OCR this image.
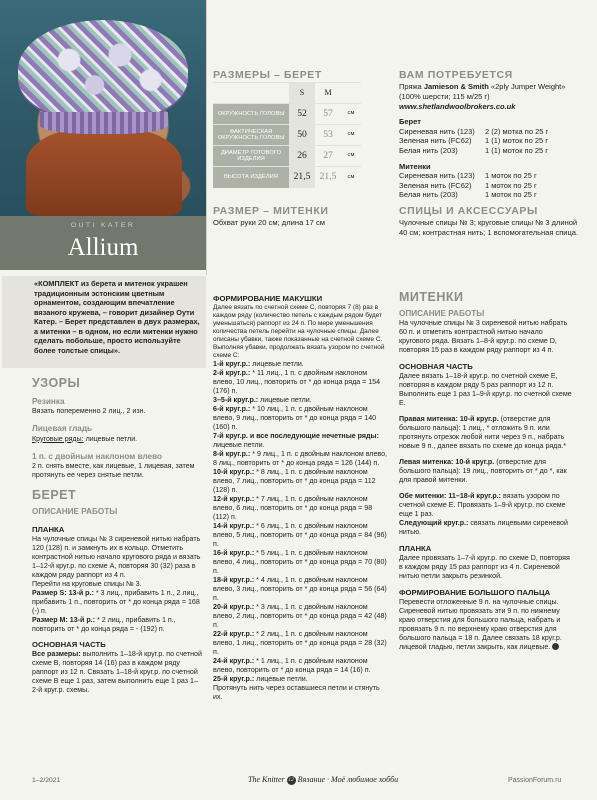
OUTI KATER
Allium
«КОМПЛЕКТ из берета и митенок украшен традиционным эстонским цветным орнаментом, создающим впечатление вязаного кружева, – говорит дизайнер Оути Катер. – Берет представлен в двух размерах, а митенки – в одном, но если митенки нужно сделать побольше, просто используйте более толстые спицы».
РАЗМЕРЫ – БЕРЕТ
	S	M	
ОКРУЖНОСТЬ ГОЛОВЫ	52	57	см
ФАКТИЧЕСКАЯ ОКРУЖНОСТЬ ГОЛОВЫ	50	53	см
ДИАМЕТР ГОТОВОГО ИЗДЕЛИЯ	26	27	см
ВЫСОТА ИЗДЕЛИЯ	21,5	21,5	см
РАЗМЕР – МИТЕНКИ
Обхват руки 20 см; длина 17 см
ВАМ ПОТРЕБУЕТСЯ

Пряжа Jamieson & Smith «2ply Jumper Weight» (100% шерсти; 115 м/25 г)

www.shetlandwoolbrokers.co.uk

Берет

Сиреневая нить (123)	2 (2) мотка по 25 г
Зеленая нить (FC62)	1 (1) моток по 25 г
Белая нить (203)	1 (1) моток по 25 г

Митенки

Сиреневая нить (123)	1 моток по 25 г
Зеленая нить (FC62)	1 моток по 25 г
Белая нить (203)	1 моток по 25 г
СПИЦЫ И АКСЕССУАРЫ

Чулочные спицы № 3; круговые спицы № 3 длиной 40 см; контрастная нить; 1 вспомогательная спица.

УЗОРЫ
Резинка

Вязать попеременно 2 лиц., 2 изн.

Лицевая гладь

Круговые ряды: лицевые петли.

1 п. с двойным наклоном влево

2 п. снять вместе, как лицевые, 1 лицевая, затем протянуть ее через снятые петли.

БЕРЕТ
ОПИСАНИЕ РАБОТЫ
ПЛАНКА

На чулочные спицы № 3 сиреневой нитью набрать 120 (128) п. и замкнуть их в кольцо. Отметить контрастной нитью начало кругового ряда и вязать 1–12-й круг.р. по схеме А, повторяя 30 (32) раза в каждом ряду раппорт из 4 п.

Перейти на круговые спицы № 3.

Размер S: 13-й р.: * 3 лиц., прибавить 1 п., 2 лиц., прибавить 1 п., повторить от * до конца ряда = 168 (-) п.

Размер М: 13-й р.: * 2 лиц., прибавить 1 п., повторить от * до конца ряда = - (192) п.

ОСНОВНАЯ ЧАСТЬ

Все размеры: выполнить 1–18-й круг.р. по счетной схеме В, повторяя 14 (16) раз в каждом ряду раппорт из 12 п. Связать 1–18-й круг.р. по счетной схеме В еще 1 раз, затем выполнить еще 1 раз 1–2-й круг.р. схемы.

ФОРМИРОВАНИЕ МАКУШКИ

Далее вязать по счетной схеме С, повторяя 7 (8) раз в каждом ряду (количество петель с каждым рядом будет уменьшаться) раппорт из 24 п. По мере уменьшения количества петель перейти на чулочные спицы. Далее описаны убавки, также показанные на счетной схеме С. Выполняя убавки, продолжать вязать узором по счетной схеме С:

1-й круг.р.: лицевые петли.

2-й круг.р.: * 11 лиц., 1 п. с двойным наклоном влево, 10 лиц., повторить от * до конца ряда = 154 (176) п.

3–5-й круг.р.: лицевые петли.

6-й круг.р.: * 10 лиц., 1 п. с двойным наклоном влево, 9 лиц., повторить от * до конца ряда = 140 (160) п.

7-й круг.р. и все последующие нечетные ряды: лицевые петли.

8-й круг.р.: * 9 лиц., 1 п. с двойным наклоном влево, 8 лиц., повторить от * до конца ряда = 126 (144) п.

10-й круг.р.: * 8 лиц., 1 п. с двойным наклоном влево, 7 лиц., повторить от * до конца ряда = 112 (128) п.

12-й круг.р.: * 7 лиц., 1 п. с двойным наклоном влево, 6 лиц., повторить от * до конца ряда = 98 (112) п.

14-й круг.р.: * 6 лиц., 1 п. с двойным наклоном влево, 5 лиц., повторить от * до конца ряда = 84 (96) п.

16-й круг.р.: * 5 лиц., 1 п. с двойным наклоном влево, 4 лиц., повторить от * до конца ряда = 70 (80) п.

18-й круг.р.: * 4 лиц., 1 п. с двойным наклоном влево, 3 лиц., повторить от * до конца ряда = 56 (64) п.

20-й круг.р.: * 3 лиц., 1 п. с двойным наклоном влево, 2 лиц., повторить от * до конца ряда = 42 (48) п.

22-й круг.р.: * 2 лиц., 1 п. с двойным наклоном влево, 1 лиц., повторить от * до конца ряда = 28 (32) п.

24-й круг.р.: * 1 лиц., 1 п. с двойным наклоном влево, повторить от * до конца ряда = 14 (16) п.

25-й круг.р.: лицевые петли.

Протянуть нить через оставшиеся петли и стянуть их.

МИТЕНКИ
ОПИСАНИЕ РАБОТЫ

На чулочные спицы № 3 сиреневой нитью набрать 60 п. и отметить контрастной нитью начало кругового ряда. Вязать 1–8-й круг.р. по схеме D, повторяя 15 раз в каждом ряду раппорт из 4 п.

ОСНОВНАЯ ЧАСТЬ

Далее вязать 1–18-й круг.р. по счетной схеме Е, повторяя в каждом ряду 5 раз раппорт из 12 п.

Выполнить еще 1 раз 1–9-й круг.р. по счетной схеме Е.

Правая митенка: 10-й круг.р. (отверстие для большого пальца): 1 лиц., * отложить 9 п. или протянуть отрезок любой нити через 9 п., набрать новые 9 п., далее вязать по схеме до конца ряда.*

Левая митенка: 10-й круг.р. (отверстие для большого пальца): 19 лиц., повторить от * до *, как для правой митенки.

Обе митенки: 11–18-й круг.р.: вязать узором по счетной схеме Е. Провязать 1–9-й круг.р. по схеме еще 1 раз.

Следующий круг.р.: связать лицевыми сиреневой нитью.

ПЛАНКА

Далее провязать 1–7-й круг.р. по схеме D, повторяя в каждом ряду 15 раз раппорт из 4 п. Сиреневой нитью петли закрыть резинкой.

ФОРМИРОВАНИЕ БОЛЬШОГО ПАЛЬЦА

Перевести отложенные 9 п. на чулочные спицы. Сиреневой нитью провязать эти 9 п. по нижнему краю отверстия для большого пальца, набрать и провязать 9 п. по верхнему краю отверстия для большого пальца = 18 п. Далее связать 18 круг.р. лицевой гладью, петли закрыть, как лицевые.

1–2/2021	The Knitter 12 Вязание · Моё любимое хобби	PassionForum.ru
